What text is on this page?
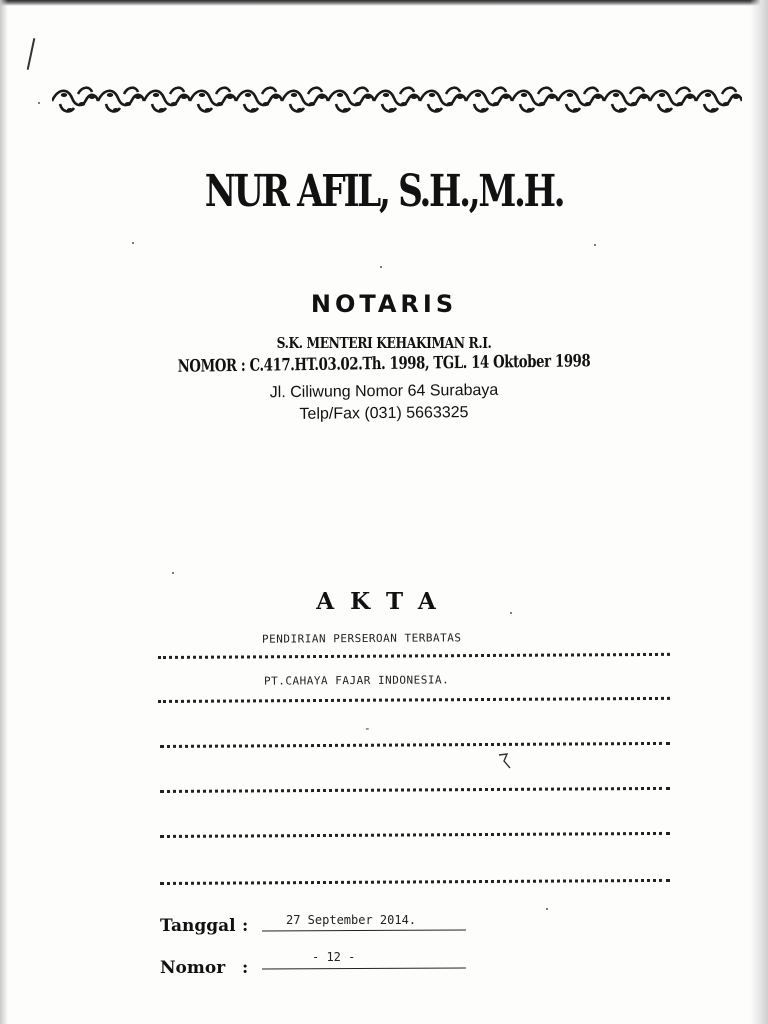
NUR AFIL, S.H.,M.H.
NOTARIS
S.K. MENTERI KEHAKIMAN R.I.
NOMOR : C.417.HT.03.02.Th. 1998, TGL. 14 Oktober 1998
Jl. Ciliwung Nomor 64 Surabaya
Telp/Fax (031) 5663325
AKTA
PENDIRIAN PERSEROAN TERBATAS
PT.CAHAYA FAJAR INDONESIA.
-
Tanggal :	27 September 2014.
Nomor :
- 12 -
